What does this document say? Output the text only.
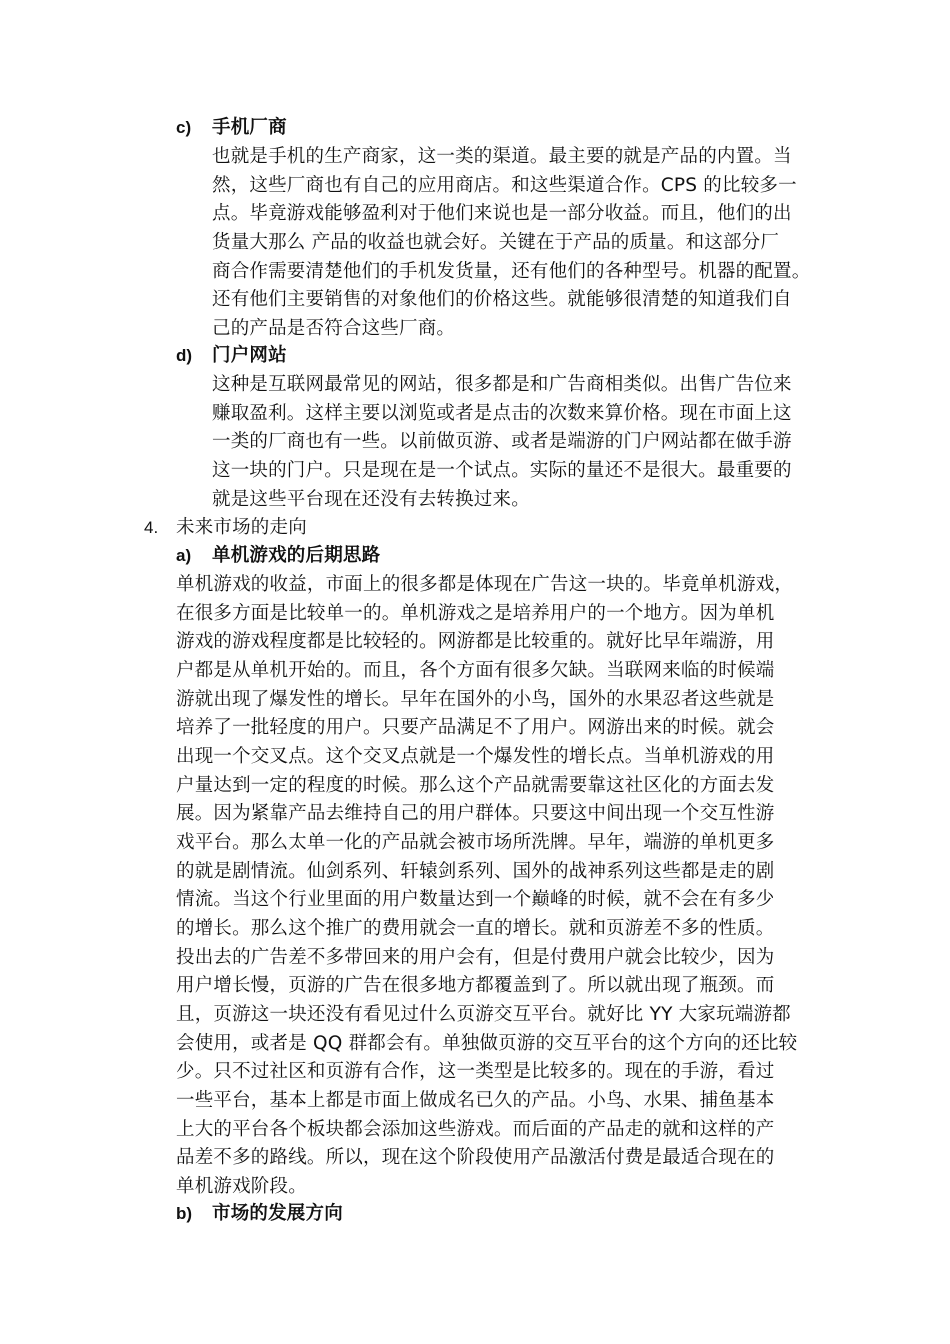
c) 手机厂商
也就是手机的生产商家，这一类的渠道。最主要的就是产品的内置。当
然，这些厂商也有自己的应用商店。和这些渠道合作。CPS 的比较多一
点。毕竟游戏能够盈利对于他们来说也是一部分收益。而且，他们的出
货量大那么 产品的收益也就会好。关键在于产品的质量。和这部分厂
商合作需要清楚他们的手机发货量，还有他们的各种型号。机器的配置。
还有他们主要销售的对象他们的价格这些。就能够很清楚的知道我们自
己的产品是否符合这些厂商。
d) 门户网站
这种是互联网最常见的网站，很多都是和广告商相类似。出售广告位来
赚取盈利。这样主要以浏览或者是点击的次数来算价格。现在市面上这
一类的厂商也有一些。以前做页游、或者是端游的门户网站都在做手游
这一块的门户。只是现在是一个试点。实际的量还不是很大。最重要的
就是这些平台现在还没有去转换过来。
4. 未来市场的走向
a) 单机游戏的后期思路
单机游戏的收益，市面上的很多都是体现在广告这一块的。毕竟单机游戏，
在很多方面是比较单一的。单机游戏之是培养用户的一个地方。因为单机
游戏的游戏程度都是比较轻的。网游都是比较重的。就好比早年端游，用
户都是从单机开始的。而且，各个方面有很多欠缺。当联网来临的时候端
游就出现了爆发性的增长。早年在国外的小鸟，国外的水果忍者这些就是
培养了一批轻度的用户。只要产品满足不了用户。网游出来的时候。就会
出现一个交叉点。这个交叉点就是一个爆发性的增长点。当单机游戏的用
户量达到一定的程度的时候。那么这个产品就需要靠这社区化的方面去发
展。因为紧靠产品去维持自己的用户群体。只要这中间出现一个交互性游
戏平台。那么太单一化的产品就会被市场所洗牌。早年，端游的单机更多
的就是剧情流。仙剑系列、轩辕剑系列、国外的战神系列这些都是走的剧
情流。当这个行业里面的用户数量达到一个巅峰的时候，就不会在有多少
的增长。那么这个推广的费用就会一直的增长。就和页游差不多的性质。
投出去的广告差不多带回来的用户会有，但是付费用户就会比较少，因为
用户增长慢，页游的广告在很多地方都覆盖到了。所以就出现了瓶颈。而
且，页游这一块还没有看见过什么页游交互平台。就好比 YY 大家玩端游都
会使用，或者是 QQ 群都会有。单独做页游的交互平台的这个方向的还比较
少。只不过社区和页游有合作，这一类型是比较多的。现在的手游，看过
一些平台，基本上都是市面上做成名已久的产品。小鸟、水果、捕鱼基本
上大的平台各个板块都会添加这些游戏。而后面的产品走的就和这样的产
品差不多的路线。所以，现在这个阶段使用产品激活付费是最适合现在的
单机游戏阶段。
b) 市场的发展方向
